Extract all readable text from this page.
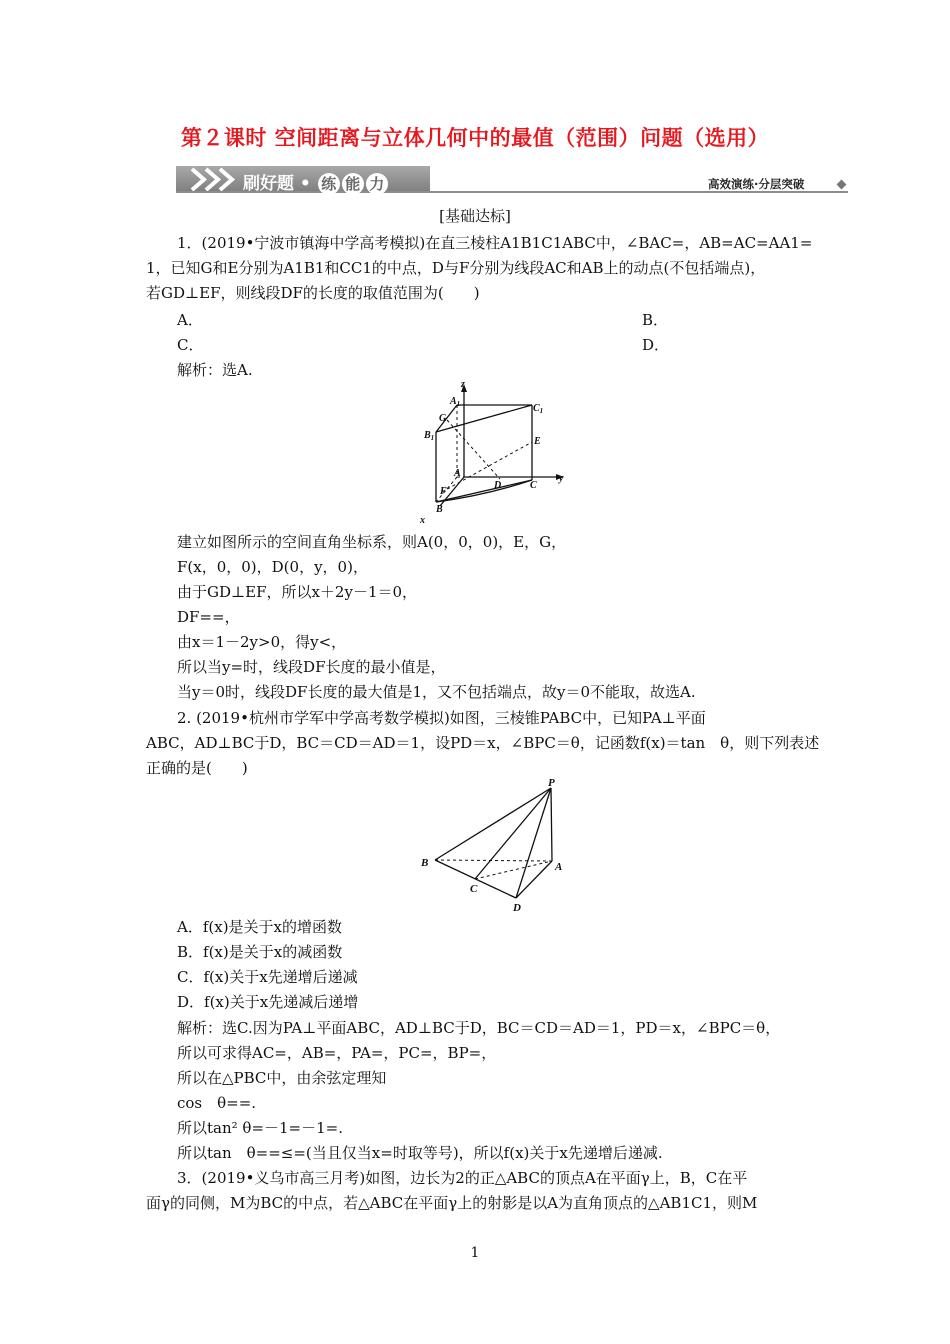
第２课时 空间距离与立体几何中的最值（范围）问题（选用）
刷好题 • 练 能 力	高效演练·分层突破
[基础达标]
1．(2019•宁波市镇海中学高考模拟)在直三棱柱A1B1C1ABC中，∠BAC=，AB=AC=AA1=
1，已知G和E分别为A1B1和CC1的中点，D与F分别为线段AC和AB上的动点(不包括端点)，
若GD⊥EF，则线段DF的长度的取值范围为(　　)
A．	B．
C．	D．
解析：选A.
z
y
x
$A_1$	$C_1$
$B_1$
G
E
A
D	C
F
B
建立如图所示的空间直角坐标系，则A(0，0，0)，E，G，
F(x，0，0)，D(0，y，0)，
由于GD⊥EF，所以x＋2y－1＝0，
DF==，
由x＝1－2y>0，得y<，
所以当y=时，线段DF长度的最小值是，
当y＝0时，线段DF长度的最大值是1，又不包括端点，故y＝0不能取，故选A.
2. (2019•杭州市学军中学高考数学模拟)如图，三棱锥PABC中，已知PA⊥平面
ABC，AD⊥BC于D，BC＝CD＝AD＝1，设PD＝x，∠BPC＝θ，记函数f(x)＝tan　θ，则下列表述
正确的是(　　)
P
B	A
C
D
A．f(x)是关于x的增函数
B．f(x)是关于x的减函数
C．f(x)关于x先递增后递减
D．f(x)关于x先递减后递增
解析：选C.因为PA⊥平面ABC，AD⊥BC于D，BC＝CD＝AD＝1，PD＝x，∠BPC＝θ，
所以可求得AC=，AB=，PA=，PC=，BP=，
所以在△PBC中，由余弦定理知
cos　θ==.
所以tan² θ=－1=－1=.
所以tan　θ==≤=(当且仅当x=时取等号)，所以f(x)关于x先递增后递减.
3．(2019•义乌市高三月考)如图，边长为2的正△ABC的顶点A在平面γ上，B，C在平
面γ的同侧，M为BC的中点，若△ABC在平面γ上的射影是以A为直角顶点的△AB1C1，则M
1
